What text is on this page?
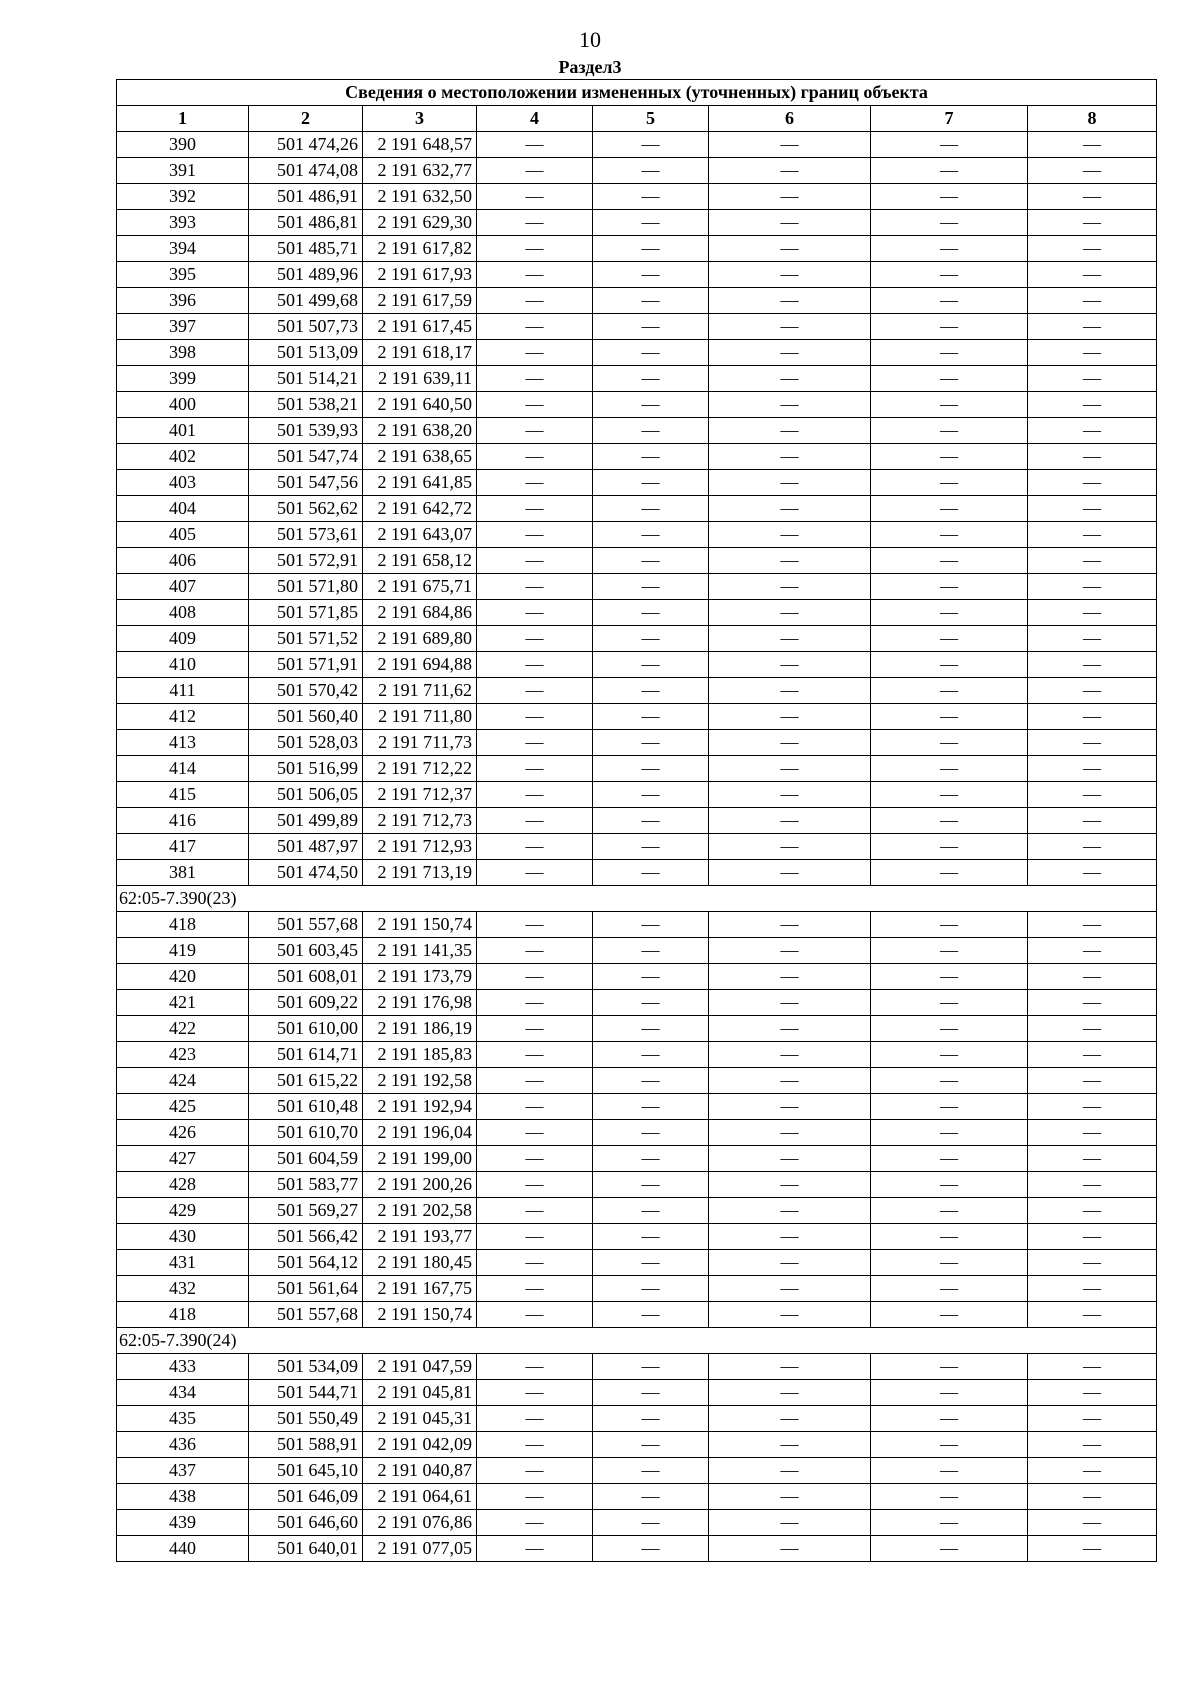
10
Раздел3
Сведения о местоположении измененных (уточненных) границ объекта							
1	2	3	4	5	6	7	8
390	501 474,26	2 191 648,57	—	—	—	—	—
391	501 474,08	2 191 632,77	—	—	—	—	—
392	501 486,91	2 191 632,50	—	—	—	—	—
393	501 486,81	2 191 629,30	—	—	—	—	—
394	501 485,71	2 191 617,82	—	—	—	—	—
395	501 489,96	2 191 617,93	—	—	—	—	—
396	501 499,68	2 191 617,59	—	—	—	—	—
397	501 507,73	2 191 617,45	—	—	—	—	—
398	501 513,09	2 191 618,17	—	—	—	—	—
399	501 514,21	2 191 639,11	—	—	—	—	—
400	501 538,21	2 191 640,50	—	—	—	—	—
401	501 539,93	2 191 638,20	—	—	—	—	—
402	501 547,74	2 191 638,65	—	—	—	—	—
403	501 547,56	2 191 641,85	—	—	—	—	—
404	501 562,62	2 191 642,72	—	—	—	—	—
405	501 573,61	2 191 643,07	—	—	—	—	—
406	501 572,91	2 191 658,12	—	—	—	—	—
407	501 571,80	2 191 675,71	—	—	—	—	—
408	501 571,85	2 191 684,86	—	—	—	—	—
409	501 571,52	2 191 689,80	—	—	—	—	—
410	501 571,91	2 191 694,88	—	—	—	—	—
411	501 570,42	2 191 711,62	—	—	—	—	—
412	501 560,40	2 191 711,80	—	—	—	—	—
413	501 528,03	2 191 711,73	—	—	—	—	—
414	501 516,99	2 191 712,22	—	—	—	—	—
415	501 506,05	2 191 712,37	—	—	—	—	—
416	501 499,89	2 191 712,73	—	—	—	—	—
417	501 487,97	2 191 712,93	—	—	—	—	—
381	501 474,50	2 191 713,19	—	—	—	—	—
62:05-7.390(23)							
418	501 557,68	2 191 150,74	—	—	—	—	—
419	501 603,45	2 191 141,35	—	—	—	—	—
420	501 608,01	2 191 173,79	—	—	—	—	—
421	501 609,22	2 191 176,98	—	—	—	—	—
422	501 610,00	2 191 186,19	—	—	—	—	—
423	501 614,71	2 191 185,83	—	—	—	—	—
424	501 615,22	2 191 192,58	—	—	—	—	—
425	501 610,48	2 191 192,94	—	—	—	—	—
426	501 610,70	2 191 196,04	—	—	—	—	—
427	501 604,59	2 191 199,00	—	—	—	—	—
428	501 583,77	2 191 200,26	—	—	—	—	—
429	501 569,27	2 191 202,58	—	—	—	—	—
430	501 566,42	2 191 193,77	—	—	—	—	—
431	501 564,12	2 191 180,45	—	—	—	—	—
432	501 561,64	2 191 167,75	—	—	—	—	—
418	501 557,68	2 191 150,74	—	—	—	—	—
62:05-7.390(24)							
433	501 534,09	2 191 047,59	—	—	—	—	—
434	501 544,71	2 191 045,81	—	—	—	—	—
435	501 550,49	2 191 045,31	—	—	—	—	—
436	501 588,91	2 191 042,09	—	—	—	—	—
437	501 645,10	2 191 040,87	—	—	—	—	—
438	501 646,09	2 191 064,61	—	—	—	—	—
439	501 646,60	2 191 076,86	—	—	—	—	—
440	501 640,01	2 191 077,05	—	—	—	—	—
